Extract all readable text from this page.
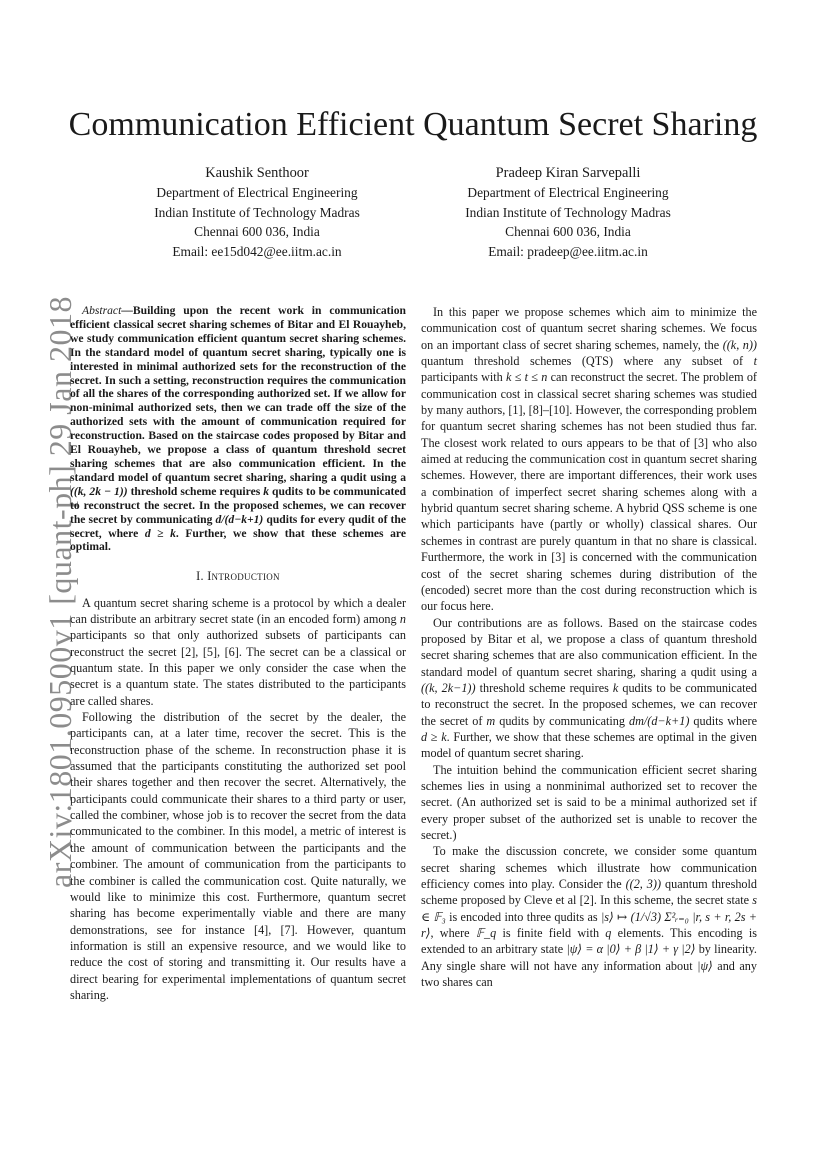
arXiv:1801.09500v1 [quant-ph] 29 Jan 2018
Communication Efficient Quantum Secret Sharing
Kaushik Senthoor
Department of Electrical Engineering
Indian Institute of Technology Madras
Chennai 600 036, India
Email: ee15d042@ee.iitm.ac.in
Pradeep Kiran Sarvepalli
Department of Electrical Engineering
Indian Institute of Technology Madras
Chennai 600 036, India
Email: pradeep@ee.iitm.ac.in

Abstract—Building upon the recent work in communication efficient classical secret sharing schemes of Bitar and El Rouayheb, we study communication efficient quantum secret sharing schemes. In the standard model of quantum secret sharing, typically one is interested in minimal authorized sets for the reconstruction of the secret. In such a setting, reconstruction requires the communication of all the shares of the corresponding authorized set. If we allow for non-minimal authorized sets, then we can trade off the size of the authorized sets with the amount of communication required for reconstruction. Based on the staircase codes proposed by Bitar and El Rouayheb, we propose a class of quantum threshold secret sharing schemes that are also communication efficient. In the standard model of quantum secret sharing, sharing a qudit using a ((k, 2k − 1)) threshold scheme requires k qudits to be communicated to reconstruct the secret. In the proposed schemes, we can recover the secret by communicating d/(d−k+1) qudits for every qudit of the secret, where d ≥ k. Further, we show that these schemes are optimal.

I. Introduction

A quantum secret sharing scheme is a protocol by which a dealer can distribute an arbitrary secret state (in an encoded form) among n participants so that only authorized subsets of participants can reconstruct the secret [2], [5], [6]. The secret can be a classical or quantum state. In this paper we only consider the case when the secret is a quantum state. The states distributed to the participants are called shares.

Following the distribution of the secret by the dealer, the participants can, at a later time, recover the secret. This is the reconstruction phase of the scheme. In reconstruction phase it is assumed that the participants constituting the authorized set pool their shares together and then recover the secret. Alternatively, the participants could communicate their shares to a third party or user, called the combiner, whose job is to recover the secret from the data communicated to the combiner. In this model, a metric of interest is the amount of communication between the participants and the combiner. The amount of communication from the participants to the combiner is called the communication cost. Quite naturally, we would like to minimize this cost. Furthermore, quantum secret sharing has become experimentally viable and there are many demonstrations, see for instance [4], [7]. However, quantum information is still an expensive resource, and we would like to reduce the cost of storing and transmitting it. Our results have a direct bearing for experimental implementations of quantum secret sharing.

In this paper we propose schemes which aim to minimize the communication cost of quantum secret sharing schemes. We focus on an important class of secret sharing schemes, namely, the ((k, n)) quantum threshold schemes (QTS) where any subset of t participants with k ≤ t ≤ n can reconstruct the secret. The problem of communication cost in classical secret sharing schemes was studied by many authors, [1], [8]–[10]. However, the corresponding problem for quantum secret sharing schemes has not been studied thus far. The closest work related to ours appears to be that of [3] who also aimed at reducing the communication cost in quantum secret sharing schemes. However, there are important differences, their work uses a combination of imperfect secret sharing schemes along with a hybrid quantum secret sharing scheme. A hybrid QSS scheme is one which participants have (partly or wholly) classical shares. Our schemes in contrast are purely quantum in that no share is classical. Furthermore, the work in [3] is concerned with the communication cost of the secret sharing schemes during distribution of the (encoded) secret more than the cost during reconstruction which is our focus here.

Our contributions are as follows. Based on the staircase codes proposed by Bitar et al, we propose a class of quantum threshold secret sharing schemes that are also communication efficient. In the standard model of quantum secret sharing, sharing a qudit using a ((k, 2k−1)) threshold scheme requires k qudits to be communicated to reconstruct the secret. In the proposed schemes, we can recover the secret of m qudits by communicating dm/(d−k+1) qudits where d ≥ k. Further, we show that these schemes are optimal in the given model of quantum secret sharing.

The intuition behind the communication efficient secret sharing schemes lies in using a nonminimal authorized set to recover the secret. (An authorized set is said to be a minimal authorized set if every proper subset of the authorized set is unable to recover the secret.)

To make the discussion concrete, we consider some quantum secret sharing schemes which illustrate how communication efficiency comes into play. Consider the ((2, 3)) quantum threshold scheme proposed by Cleve et al [2]. In this scheme, the secret state s ∈ 𝔽₃ is encoded into three qudits as |s⟩ ↦ (1/√3) Σ²ᵣ₌₀ |r, s + r, 2s + r⟩, where 𝔽_q is finite field with q elements. This encoding is extended to an arbitrary state |ψ⟩ = α |0⟩ + β |1⟩ + γ |2⟩ by linearity. Any single share will not have any information about |ψ⟩ and any two shares can
